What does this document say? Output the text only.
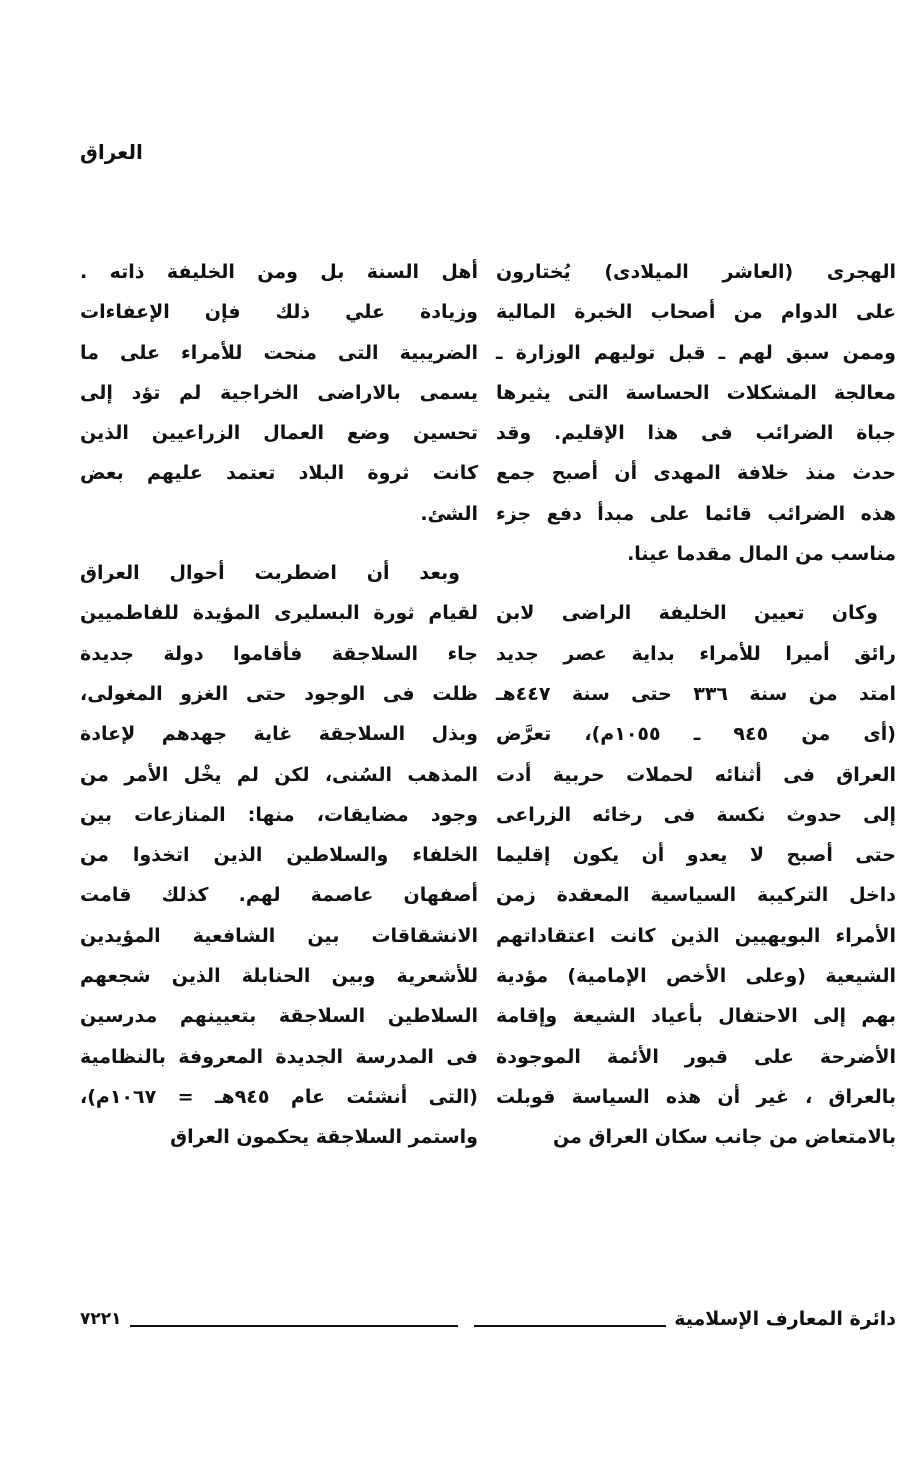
العراق
الهجرى (العاشر الميلادى) يُختارون
على الدوام من أصحاب الخبرة المالية
وممن سبق لهم ـ قبل توليهم الوزارة ـ
معالجة المشكلات الحساسة التى يثيرها
جباة الضرائب فى هذا الإقليم. وقد
حدث منذ خلافة المهدى أن أصبح جمع
هذه الضرائب قائما على مبدأ دفع جزء
مناسب من المال مقدما عينا.
وكان تعيين الخليفة الراضى لابن
رائق أميرا للأمراء بداية عصر جديد
امتد من سنة ٣٣٦ حتى سنة ٤٤٧هـ
(أى من ٩٤٥ ـ ١٠٥٥م)، تعرَّض
العراق فى أثنائه لحملات حربية أدت
إلى حدوث نكسة فى رخائه الزراعى
حتى أصبح لا يعدو أن يكون إقليما
داخل التركيبة السياسية المعقدة زمن
الأمراء البويهيين الذين كانت اعتقاداتهم
الشيعية (وعلى الأخص الإمامية) مؤدية
بهم إلى الاحتفال بأعياد الشيعة وإقامة
الأضرحة على قبور الأئمة الموجودة
بالعراق ، غير أن هذه السياسة قوبلت
بالامتعاض من جانب سكان العراق من
أهل السنة بل ومن الخليفة ذاته .
وزيادة علي ذلك فإن الإعفاءات
الضريبية التى منحت للأمراء على ما
يسمى بالاراضى الخراجية لم تؤد إلى
تحسين وضع العمال الزراعيين الذين
كانت ثروة البلاد تعتمد عليهم بعض
الشئ.
وبعد أن اضطربت أحوال العراق
لقيام ثورة البسليرى المؤيدة للفاطميين
جاء السلاجقة فأقاموا دولة جديدة
ظلت فى الوجود حتى الغزو المغولى،
وبذل السلاجقة غاية جهدهم لإعادة
المذهب السُنى، لكن لم يخْل الأمر من
وجود مضايقات، منها: المنازعات بين
الخلفاء والسلاطين الذين اتخذوا من
أصفهان عاصمة لهم. كذلك قامت
الانشقاقات بين الشافعية المؤيدين
للأشعرية وبين الحنابلة الذين شجعهم
السلاطين السلاجقة بتعيينهم مدرسين
فى المدرسة الجديدة المعروفة بالنظامية
(التى أنشئت عام ٩٤٥هـ = ١٠٦٧م)،
واستمر السلاجقة يحكمون العراق
دائرة المعارف الإسلامية
٧٢٢١
